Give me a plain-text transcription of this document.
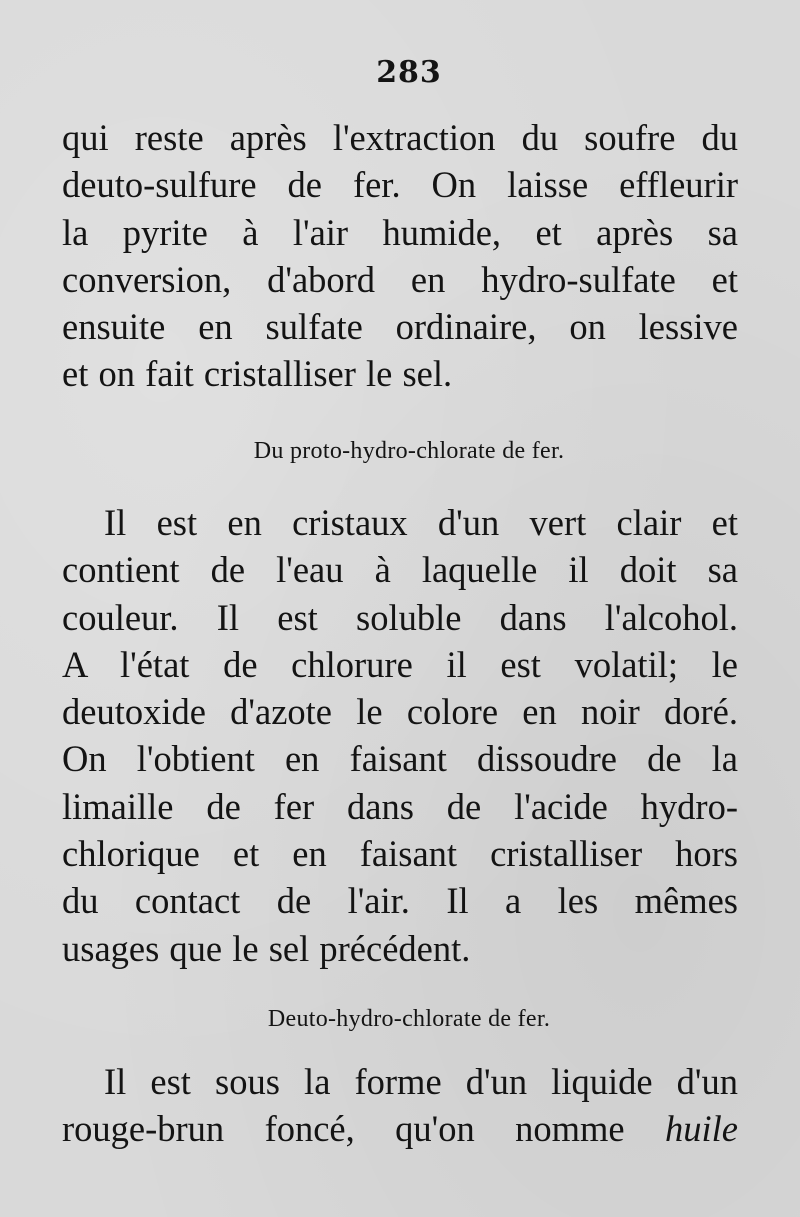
283
qui reste après l'extraction du soufre du
deuto-sulfure de fer. On laisse effleurir
la pyrite à l'air humide, et après sa
conversion, d'abord en hydro-sulfate et
ensuite en sulfate ordinaire, on lessive
et on fait cristalliser le sel.
Du proto-hydro-chlorate de fer.
Il est en cristaux d'un vert clair et
contient de l'eau à laquelle il doit sa
couleur. Il est soluble dans l'alcohol.
A l'état de chlorure il est volatil; le
deutoxide d'azote le colore en noir doré.
On l'obtient en faisant dissoudre de la
limaille de fer dans de l'acide hydro-
chlorique et en faisant cristalliser hors
du contact de l'air. Il a les mêmes
usages que le sel précédent.
Deuto-hydro-chlorate de fer.
Il est sous la forme d'un liquide d'un
rouge-brun foncé, qu'on nomme huile
